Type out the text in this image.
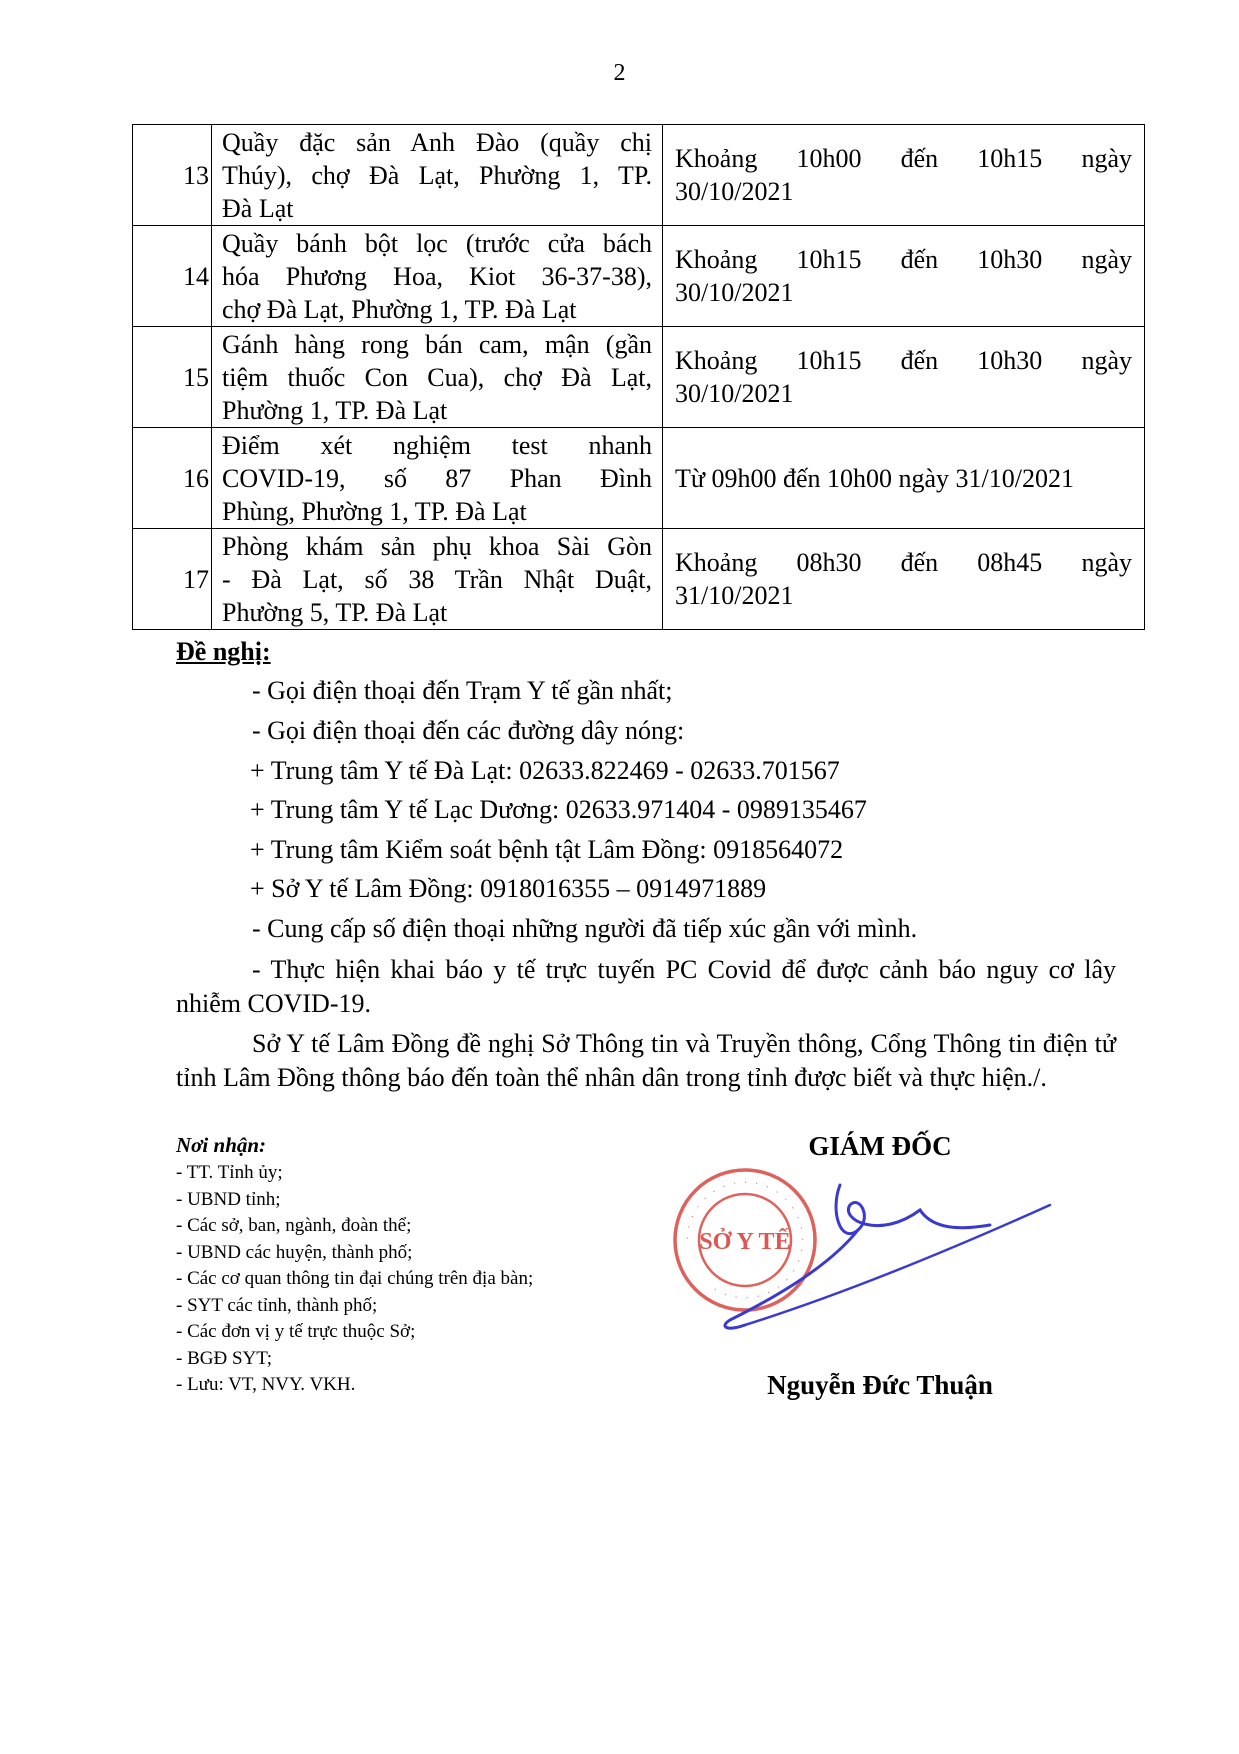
2
13	Quầy đặc sản Anh Đào (quầy chị
Thúy), chợ Đà Lạt, Phường 1, TP.
Đà Lạt	Khoảng 10h00 đến 10h15 ngày
30/10/2021

14	Quầy bánh bột lọc (trước cửa bách
hóa Phương Hoa, Kiot 36-37-38),
chợ Đà Lạt, Phường 1, TP. Đà Lạt	Khoảng 10h15 đến 10h30 ngày
30/10/2021

15	Gánh hàng rong bán cam, mận (gần
tiệm thuốc Con Cua), chợ Đà Lạt,
Phường 1, TP. Đà Lạt	Khoảng 10h15 đến 10h30 ngày
30/10/2021

16	Điểm xét nghiệm test nhanh
COVID-19, số 87 Phan Đình
Phùng, Phường 1, TP. Đà Lạt	Từ 09h00 đến 10h00 ngày 31/10/2021

17	Phòng khám sản phụ khoa Sài Gòn
- Đà Lạt, số 38 Trần Nhật Duật,
Phường 5, TP. Đà Lạt	Khoảng 08h30 đến 08h45 ngày
31/10/2021
Đề nghị:
- Gọi điện thoại đến Trạm Y tế gần nhất;
- Gọi điện thoại đến các đường dây nóng:
+ Trung tâm Y tế Đà Lạt: 02633.822469 - 02633.701567
+ Trung tâm Y tế Lạc Dương: 02633.971404 - 0989135467
+ Trung tâm Kiểm soát bệnh tật Lâm Đồng: 0918564072
+ Sở Y tế Lâm Đồng: 0918016355 – 0914971889
- Cung cấp số điện thoại những người đã tiếp xúc gần với mình.
- Thực hiện khai báo y tế trực tuyến PC Covid để được cảnh báo nguy cơ lây nhiễm COVID-19.
Sở Y tế Lâm Đồng đề nghị Sở Thông tin và Truyền thông, Cổng Thông tin điện tử tỉnh Lâm Đồng thông báo đến toàn thể nhân dân trong tỉnh được biết và thực hiện./.
Nơi nhận:
- TT. Tỉnh ủy;
- UBND tỉnh;
- Các sở, ban, ngành, đoàn thể;
- UBND các huyện, thành phố;
- Các cơ quan thông tin đại chúng trên địa bàn;
- SYT các tỉnh, thành phố;
- Các đơn vị y tế trực thuộc Sở;
- BGĐ SYT;
- Lưu: VT, NVY. VKH.
GIÁM ĐỐC
· · · · · · · · · · · · · · · · · · · · · · · · · · · ·
SỞ Y TẾ
Nguyễn Đức Thuận
